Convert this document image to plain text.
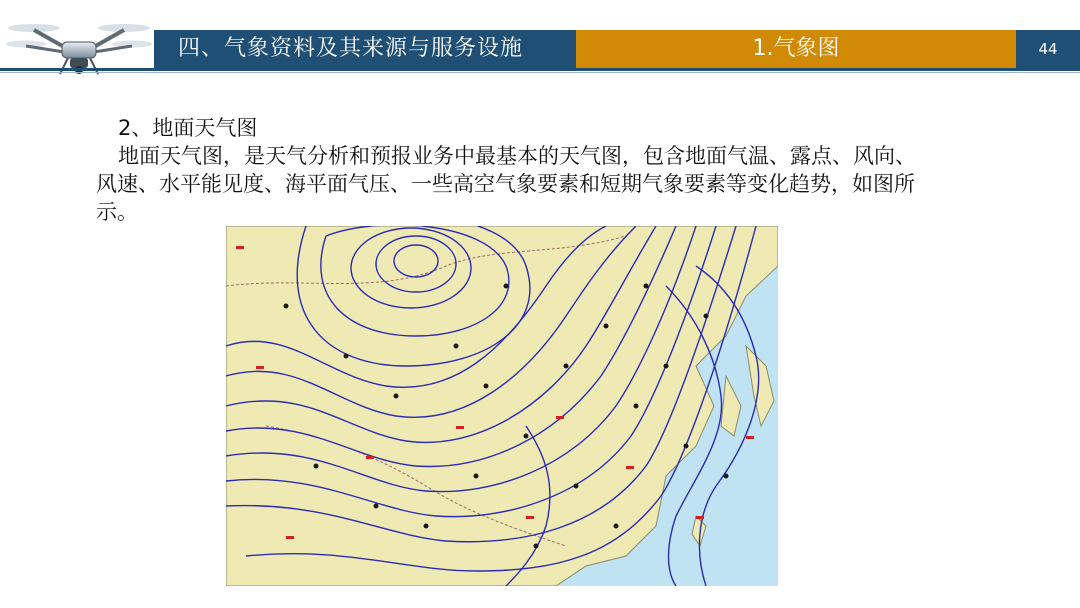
四、气象资料及其来源与服务设施	1.气象图	44

2、地面天气图

地面天气图，是天气分析和预报业务中最基本的天气图，包含地面气温、露点、风向、风速、水平能见度、海平面气压、一些高空气象要素和短期气象要素等变化趋势，如图所示。
